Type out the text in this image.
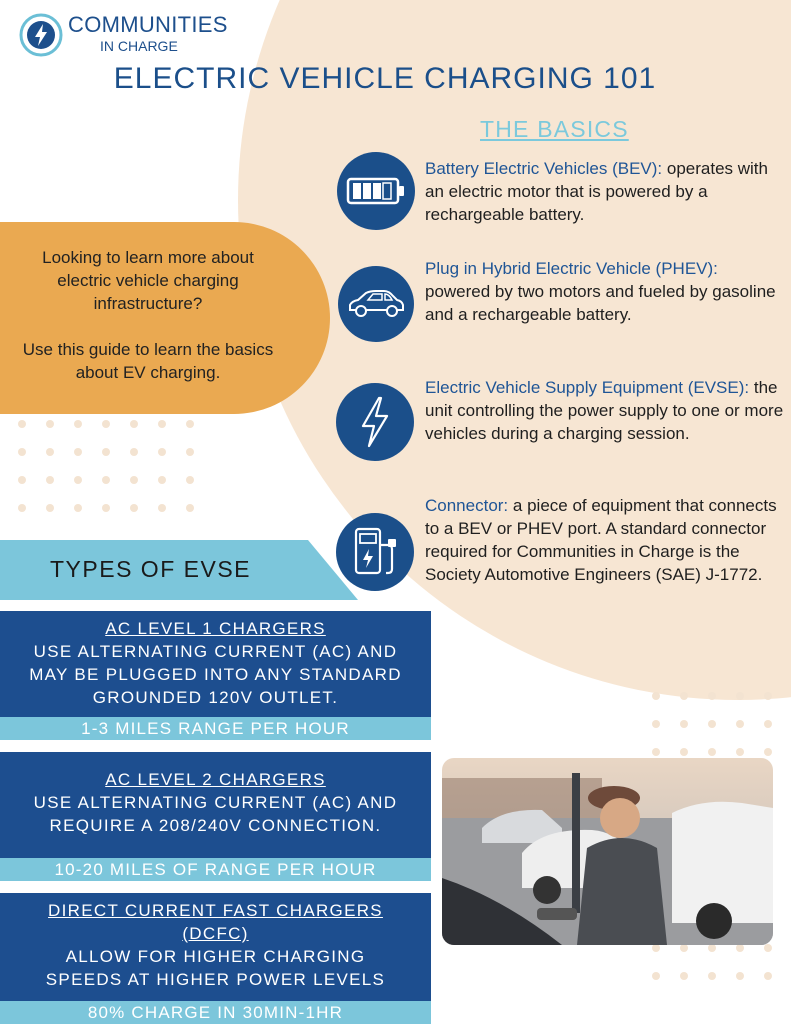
COMMUNITIES
IN CHARGE
ELECTRIC VEHICLE CHARGING 101
THE BASICS

Looking to learn more about electric vehicle charging infrastructure?

Use this guide to learn the basics about EV charging.

Battery Electric Vehicles (BEV): operates with an electric motor that is powered by a rechargeable battery.
Plug in Hybrid Electric Vehicle (PHEV): powered by two motors and fueled by gasoline and a rechargeable battery.
Electric Vehicle Supply Equipment (EVSE): the unit controlling the power supply to one or more vehicles during a charging session.
Connector: a piece of equipment that connects to a BEV or PHEV port. A standard connector required for Communities in Charge is the Society Automotive Engineers (SAE) J-1772.
TYPES OF EVSE
AC LEVEL 1 CHARGERS
USE ALTERNATING CURRENT (AC) AND MAY BE PLUGGED INTO ANY STANDARD GROUNDED 120V OUTLET.
1-3 MILES RANGE PER HOUR
AC LEVEL 2 CHARGERS
USE ALTERNATING CURRENT (AC) AND REQUIRE A 208/240V CONNECTION.
10-20 MILES OF RANGE PER HOUR
DIRECT CURRENT FAST CHARGERS (DCFC)
ALLOW FOR HIGHER CHARGING SPEEDS AT HIGHER POWER LEVELS
80% CHARGE IN 30MIN-1HR
